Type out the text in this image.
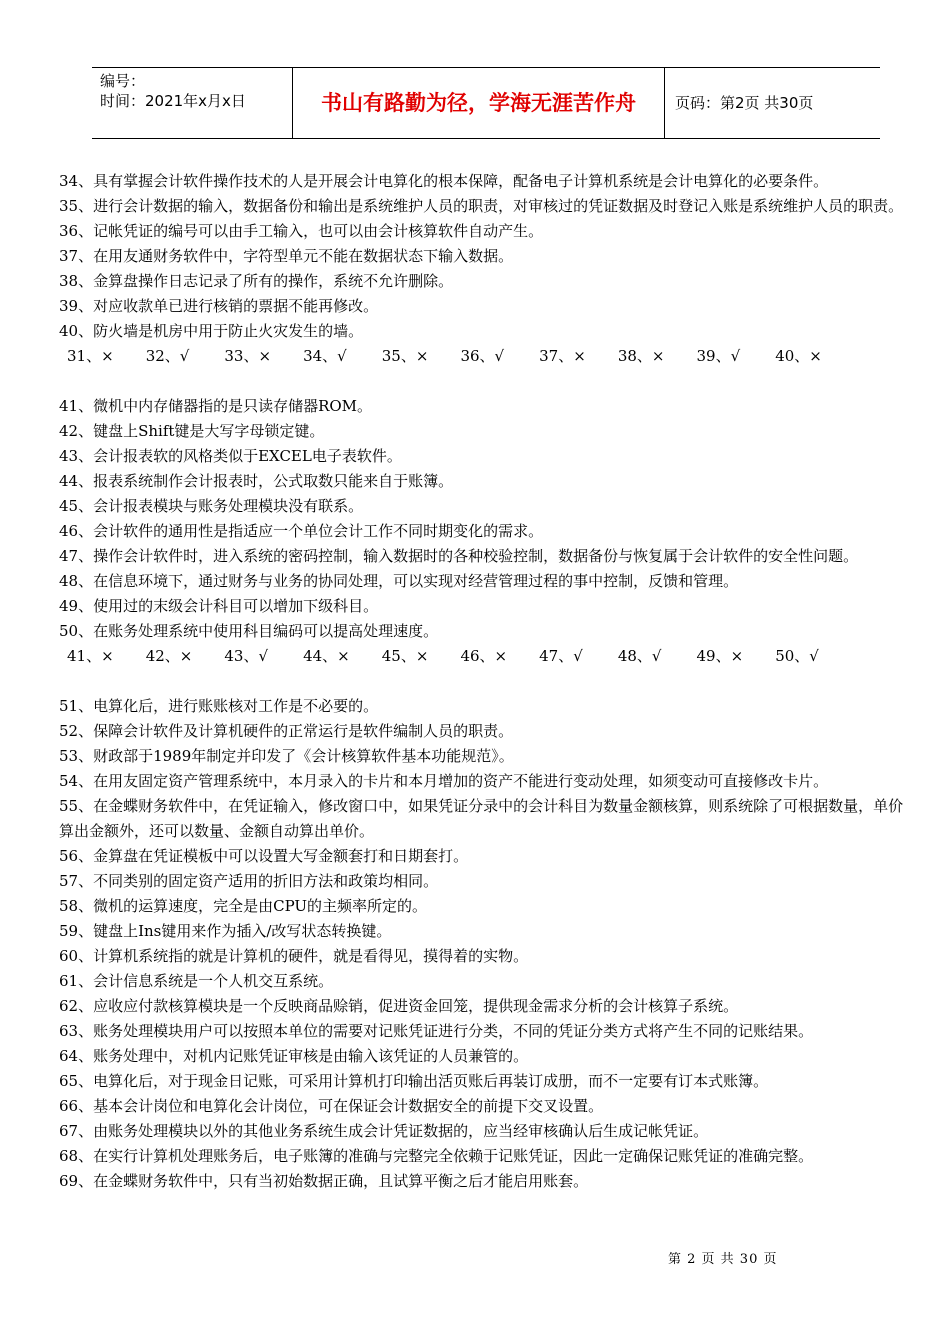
编号：
时间：2021年x月x日	书山有路勤为径，学海无涯苦作舟	页码：第2页 共30页

34、具有掌握会计软件操作技术的人是开展会计电算化的根本保障，配备电子计算机系统是会计电算化的必要条件。

35、进行会计数据的输入，数据备份和输出是系统维护人员的职责，对审核过的凭证数据及时登记入账是系统维护人员的职责。

36、记帐凭证的编号可以由手工输入，也可以由会计核算软件自动产生。

37、在用友通财务软件中，字符型单元不能在数据状态下输入数据。

38、金算盘操作日志记录了所有的操作，系统不允许删除。

39、对应收款单已进行核销的票据不能再修改。

40、防火墙是机房中用于防止火灾发生的墙。

31、×	32、√	33、×	34、√	35、×	36、√	37、×	38、×	39、√	40、×

41、微机中内存储器指的是只读存储器ROM。

42、键盘上Shift键是大写字母锁定键。

43、会计报表软的风格类似于EXCEL电子表软件。

44、报表系统制作会计报表时，公式取数只能来自于账簿。

45、会计报表模块与账务处理模块没有联系。

46、会计软件的通用性是指适应一个单位会计工作不同时期变化的需求。

47、操作会计软件时，进入系统的密码控制，输入数据时的各种校验控制，数据备份与恢复属于会计软件的安全性问题。

48、在信息环境下，通过财务与业务的协同处理，可以实现对经营管理过程的事中控制，反馈和管理。

49、使用过的末级会计科目可以增加下级科目。

50、在账务处理系统中使用科目编码可以提高处理速度。

41、×	42、×	43、√	44、×	45、×	46、×	47、√	48、√	49、×	50、√

51、电算化后，进行账账核对工作是不必要的。

52、保障会计软件及计算机硬件的正常运行是软件编制人员的职责。

53、财政部于1989年制定并印发了《会计核算软件基本功能规范》。

54、在用友固定资产管理系统中，本月录入的卡片和本月增加的资产不能进行变动处理，如须变动可直接修改卡片。

55、在金蝶财务软件中，在凭证输入，修改窗口中，如果凭证分录中的会计科目为数量金额核算，则系统除了可根据数量，单价算出金额外，还可以数量、金额自动算出单价。

56、金算盘在凭证模板中可以设置大写金额套打和日期套打。

57、不同类别的固定资产适用的折旧方法和政策均相同。

58、微机的运算速度，完全是由CPU的主频率所定的。

59、键盘上Ins键用来作为插入/改写状态转换键。

60、计算机系统指的就是计算机的硬件，就是看得见，摸得着的实物。

61、会计信息系统是一个人机交互系统。

62、应收应付款核算模块是一个反映商品赊销，促进资金回笼，提供现金需求分析的会计核算子系统。

63、账务处理模块用户可以按照本单位的需要对记账凭证进行分类，不同的凭证分类方式将产生不同的记账结果。

64、账务处理中，对机内记账凭证审核是由输入该凭证的人员兼管的。

65、电算化后，对于现金日记账，可采用计算机打印输出活页账后再装订成册，而不一定要有订本式账簿。

66、基本会计岗位和电算化会计岗位，可在保证会计数据安全的前提下交叉设置。

67、由账务处理模块以外的其他业务系统生成会计凭证数据的，应当经审核确认后生成记帐凭证。

68、在实行计算机处理账务后，电子账簿的准确与完整完全依赖于记账凭证，因此一定确保记账凭证的准确完整。

69、在金蝶财务软件中，只有当初始数据正确，且试算平衡之后才能启用账套。

第 2 页 共 30 页
